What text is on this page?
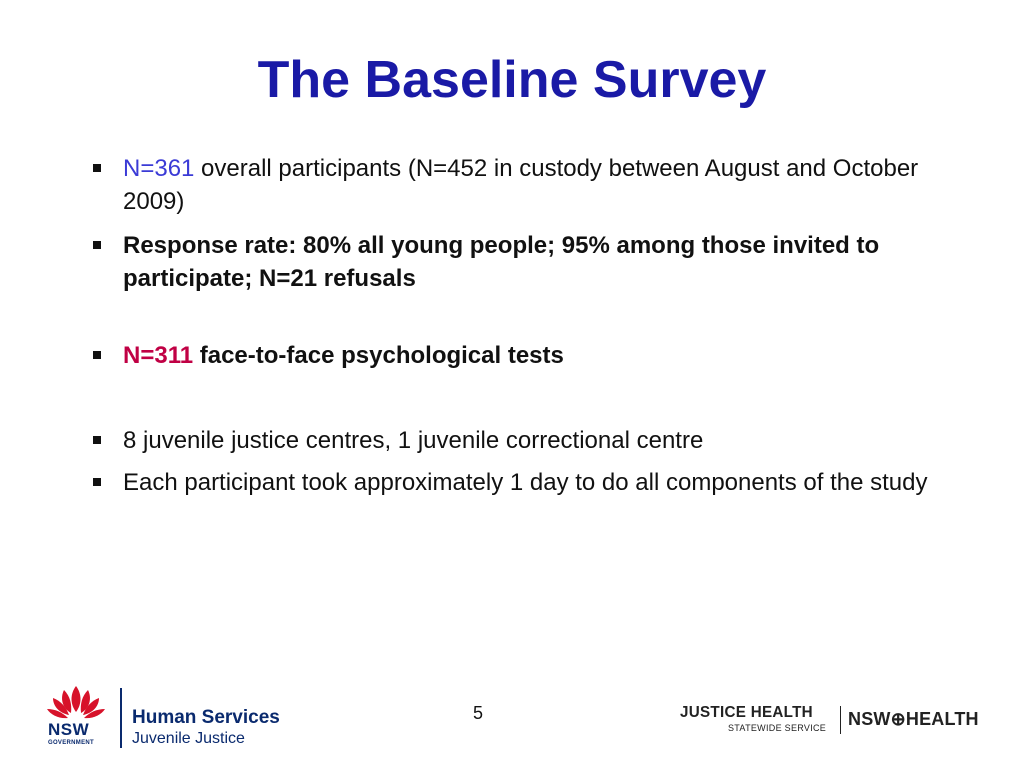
The Baseline Survey
N=361 overall participants (N=452 in custody between August and October 2009)
Response rate: 80% all young people; 95% among those invited to participate; N=21 refusals
N=311 face-to-face psychological tests
8 juvenile justice centres, 1 juvenile correctional centre
Each participant took approximately 1 day to do all components of the study
NSW
GOVERNMENT
Human Services
Juvenile Justice
5	JUSTICE HEALTH
STATEWIDE SERVICE NSW⊕HEALTH
